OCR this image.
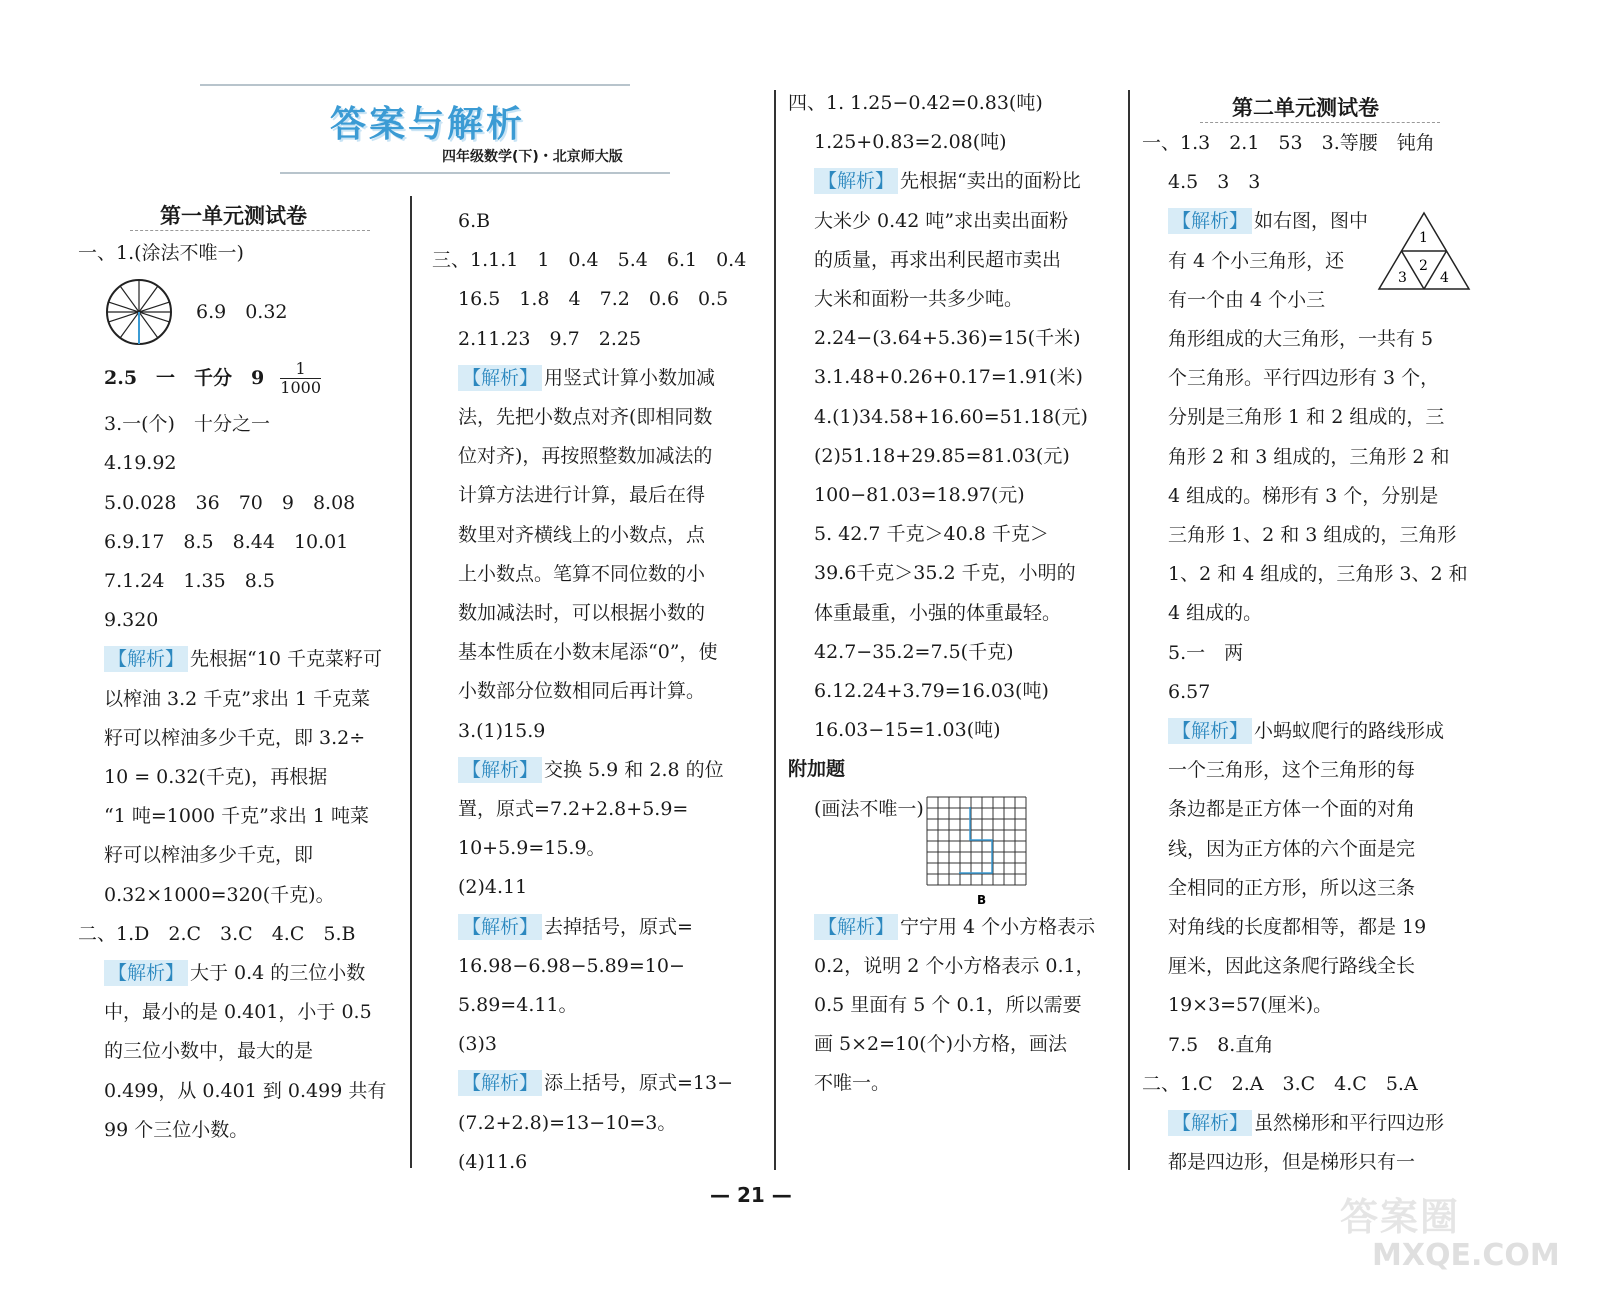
答案与解析
四年级数学(下)・北京师大版
第一单元测试卷
第二单元测试卷
一、1.(涂法不唯一)
6.9　0.32
2.5　一　千分　$9 \frac{1}{1000}$
3.一(个)　十分之一
4.19.92
5.0.028　36　70　9　8.08
6.9.17　8.5　8.44　10.01
7.1.24　1.35　8.5
9.320
【解析】 先根据“10 千克菜籽可
以榨油 3.2 千克”求出 1 千克菜
籽可以榨油多少千克，即 3.2÷
10 = 0.32(千克)，再根据
“1 吨=1000 千克”求出 1 吨菜
籽可以榨油多少千克，即
0.32×1000=320(千克)。
二、1.D　2.C　3.C　4.C　5.B
【解析】 大于 0.4 的三位小数
中，最小的是 0.401，小于 0.5
的三位小数中，最大的是
0.499，从 0.401 到 0.499 共有
99 个三位小数。
6.B
三、1.1.1　1　0.4　5.4　6.1　0.4
16.5　1.8　4　7.2　0.6　0.5
2.11.23　9.7　2.25
【解析】 用竖式计算小数加减
法，先把小数点对齐(即相同数
位对齐)，再按照整数加减法的
计算方法进行计算，最后在得
数里对齐横线上的小数点，点
上小数点。笔算不同位数的小
数加减法时，可以根据小数的
基本性质在小数末尾添“0”，使
小数部分位数相同后再计算。
3.(1)15.9
【解析】 交换 5.9 和 2.8 的位
置，原式=7.2+2.8+5.9=
10+5.9=15.9。
(2)4.11
【解析】 去掉括号，原式=
16.98−6.98−5.89=10−
5.89=4.11。
(3)3
【解析】 添上括号，原式=13−
(7.2+2.8)=13−10=3。
(4)11.6
四、1. 1.25−0.42=0.83(吨)
1.25+0.83=2.08(吨)
【解析】 先根据“卖出的面粉比
大米少 0.42 吨”求出卖出面粉
的质量，再求出利民超市卖出
大米和面粉一共多少吨。
2.24−(3.64+5.36)=15(千米)
3.1.48+0.26+0.17=1.91(米)
4.(1)34.58+16.60=51.18(元)
(2)51.18+29.85=81.03(元)
100−81.03=18.97(元)
5. 42.7 千克＞40.8 千克＞
39.6千克＞35.2 千克，小明的
体重最重，小强的体重最轻。
42.7−35.2=7.5(千克)
6.12.24+3.79=16.03(吨)
16.03−15=1.03(吨)
附加题
(画法不唯一)
B
【解析】 宁宁用 4 个小方格表示
0.2，说明 2 个小方格表示 0.1，
0.5 里面有 5 个 0.1，所以需要
画 5×2=10(个)小方格，画法
不唯一。
一、1.3　2.1　53　3.等腰　钝角
4.5　3　3
【解析】 如右图，图中
有 4 个小三角形，还
有一个由 4 个小三
角形组成的大三角形，一共有 5
个三角形。平行四边形有 3 个，
分别是三角形 1 和 2 组成的，三
角形 2 和 3 组成的，三角形 2 和
4 组成的。梯形有 3 个，分别是
三角形 1、2 和 3 组成的，三角形
1、2 和 4 组成的，三角形 3、2 和
4 组成的。
5.一　两
6.57
【解析】 小蚂蚁爬行的路线形成
一个三角形，这个三角形的每
条边都是正方体一个面的对角
线，因为正方体的六个面是完
全相同的正方形，所以这三条
对角线的长度都相等，都是 19
厘米，因此这条爬行路线全长
19×3=57(厘米)。
7.5　8.直角
二、1.C　2.A　3.C　4.C　5.A
【解析】 虽然梯形和平行四边形
都是四边形，但是梯形只有一
1
2
3 4
— 21 —	答案圈
MXQE.COM
